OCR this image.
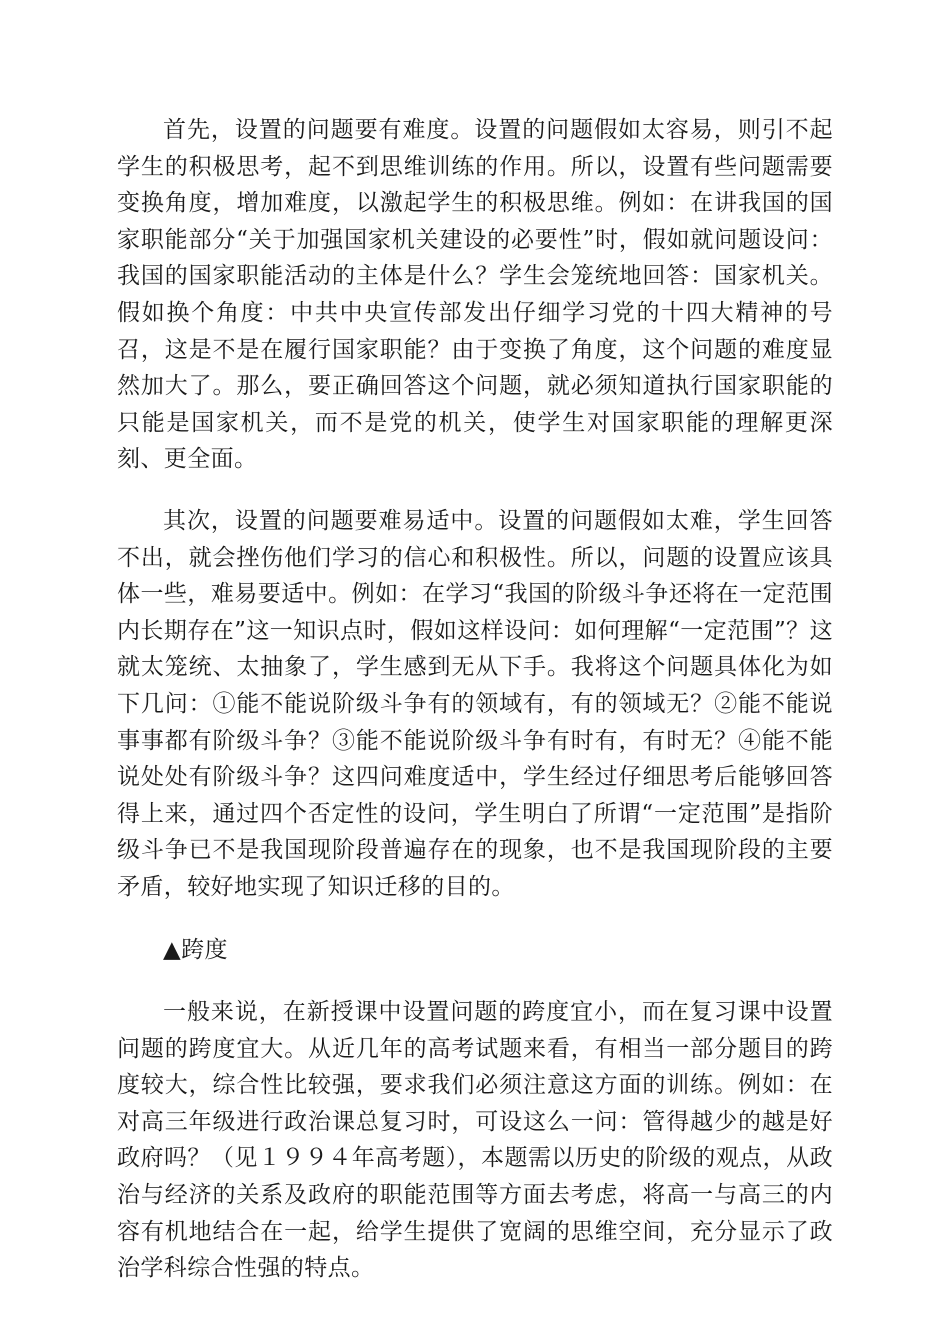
首先，设置的问题要有难度。设置的问题假如太容易，则引不起学生的积极思考，起不到思维训练的作用。所以，设置有些问题需要变换角度，增加难度，以激起学生的积极思维。例如：在讲我国的国家职能部分“关于加强国家机关建设的必要性”时，假如就问题设问：我国的国家职能活动的主体是什么？学生会笼统地回答：国家机关。假如换个角度：中共中央宣传部发出仔细学习党的十四大精神的号召，这是不是在履行国家职能？由于变换了角度，这个问题的难度显然加大了。那么，要正确回答这个问题，就必须知道执行国家职能的只能是国家机关，而不是党的机关，使学生对国家职能的理解更深刻、更全面。

其次，设置的问题要难易适中。设置的问题假如太难，学生回答不出，就会挫伤他们学习的信心和积极性。所以，问题的设置应该具体一些，难易要适中。例如：在学习“我国的阶级斗争还将在一定范围内长期存在”这一知识点时，假如这样设问：如何理解“一定范围”？这就太笼统、太抽象了，学生感到无从下手。我将这个问题具体化为如下几问：①能不能说阶级斗争有的领域有，有的领域无？②能不能说事事都有阶级斗争？③能不能说阶级斗争有时有，有时无？④能不能说处处有阶级斗争？这四问难度适中，学生经过仔细思考后能够回答得上来，通过四个否定性的设问，学生明白了所谓“一定范围”是指阶级斗争已不是我国现阶段普遍存在的现象，也不是我国现阶段的主要矛盾，较好地实现了知识迁移的目的。

▲跨度

一般来说，在新授课中设置问题的跨度宜小，而在复习课中设置问题的跨度宜大。从近几年的高考试题来看，有相当一部分题目的跨度较大，综合性比较强，要求我们必须注意这方面的训练。例如：在对高三年级进行政治课总复习时，可设这么一问：管得越少的越是好政府吗？（见１９９４年高考题），本题需以历史的阶级的观点，从政治与经济的关系及政府的职能范围等方面去考虑，将高一与高三的内容有机地结合在一起，给学生提供了宽阔的思维空间，充分显示了政治学科综合性强的特点。
